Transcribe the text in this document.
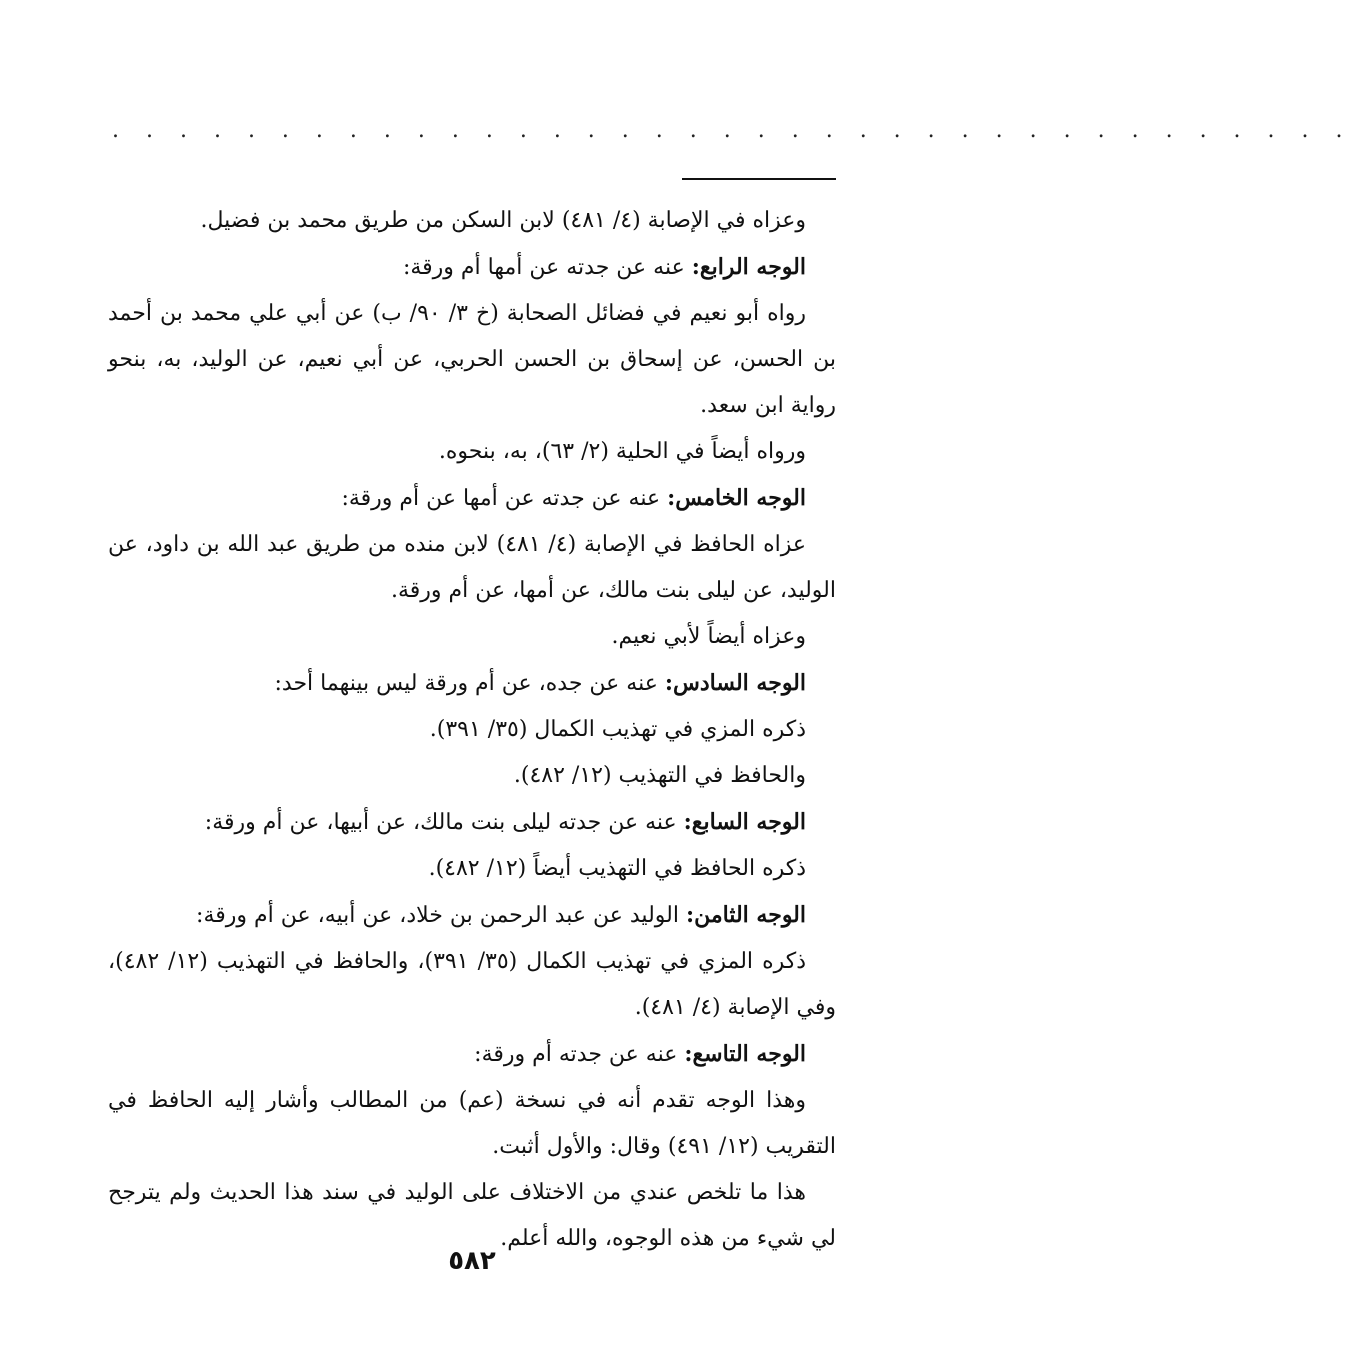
. . . . . . . . . . . . . . . . . . . . . . . . . . . . . . . . . . . . .

وعزاه في الإصابة (٤/ ٤٨١) لابن السكن من طريق محمد بن فضيل.

الوجه الرابع: عنه عن جدته عن أمها أم ورقة:

رواه أبو نعيم في فضائل الصحابة (خ ٣/ ٩٠/ ب) عن أبي علي محمد بن أحمد بن الحسن، عن إسحاق بن الحسن الحربي، عن أبي نعيم، عن الوليد، به، بنحو رواية ابن سعد.

ورواه أيضاً في الحلية (٢/ ٦٣)، به، بنحوه.

الوجه الخامس: عنه عن جدته عن أمها عن أم ورقة:

عزاه الحافظ في الإصابة (٤/ ٤٨١) لابن منده من طريق عبد الله بن داود، عن الوليد، عن ليلى بنت مالك، عن أمها، عن أم ورقة.

وعزاه أيضاً لأبي نعيم.

الوجه السادس: عنه عن جده، عن أم ورقة ليس بينهما أحد:

ذكره المزي في تهذيب الكمال (٣٥/ ٣٩١).

والحافظ في التهذيب (١٢/ ٤٨٢).

الوجه السابع: عنه عن جدته ليلى بنت مالك، عن أبيها، عن أم ورقة:

ذكره الحافظ في التهذيب أيضاً (١٢/ ٤٨٢).

الوجه الثامن: الوليد عن عبد الرحمن بن خلاد، عن أبيه، عن أم ورقة:

ذكره المزي في تهذيب الكمال (٣٥/ ٣٩١)، والحافظ في التهذيب (١٢/ ٤٨٢)، وفي الإصابة (٤/ ٤٨١).

الوجه التاسع: عنه عن جدته أم ورقة:

وهذا الوجه تقدم أنه في نسخة (عم) من المطالب وأشار إليه الحافظ في التقريب (١٢/ ٤٩١) وقال: والأول أثبت.

هذا ما تلخص عندي من الاختلاف على الوليد في سند هذا الحديث ولم يترجح لي شيء من هذه الوجوه، والله أعلم.

٥٨٢
